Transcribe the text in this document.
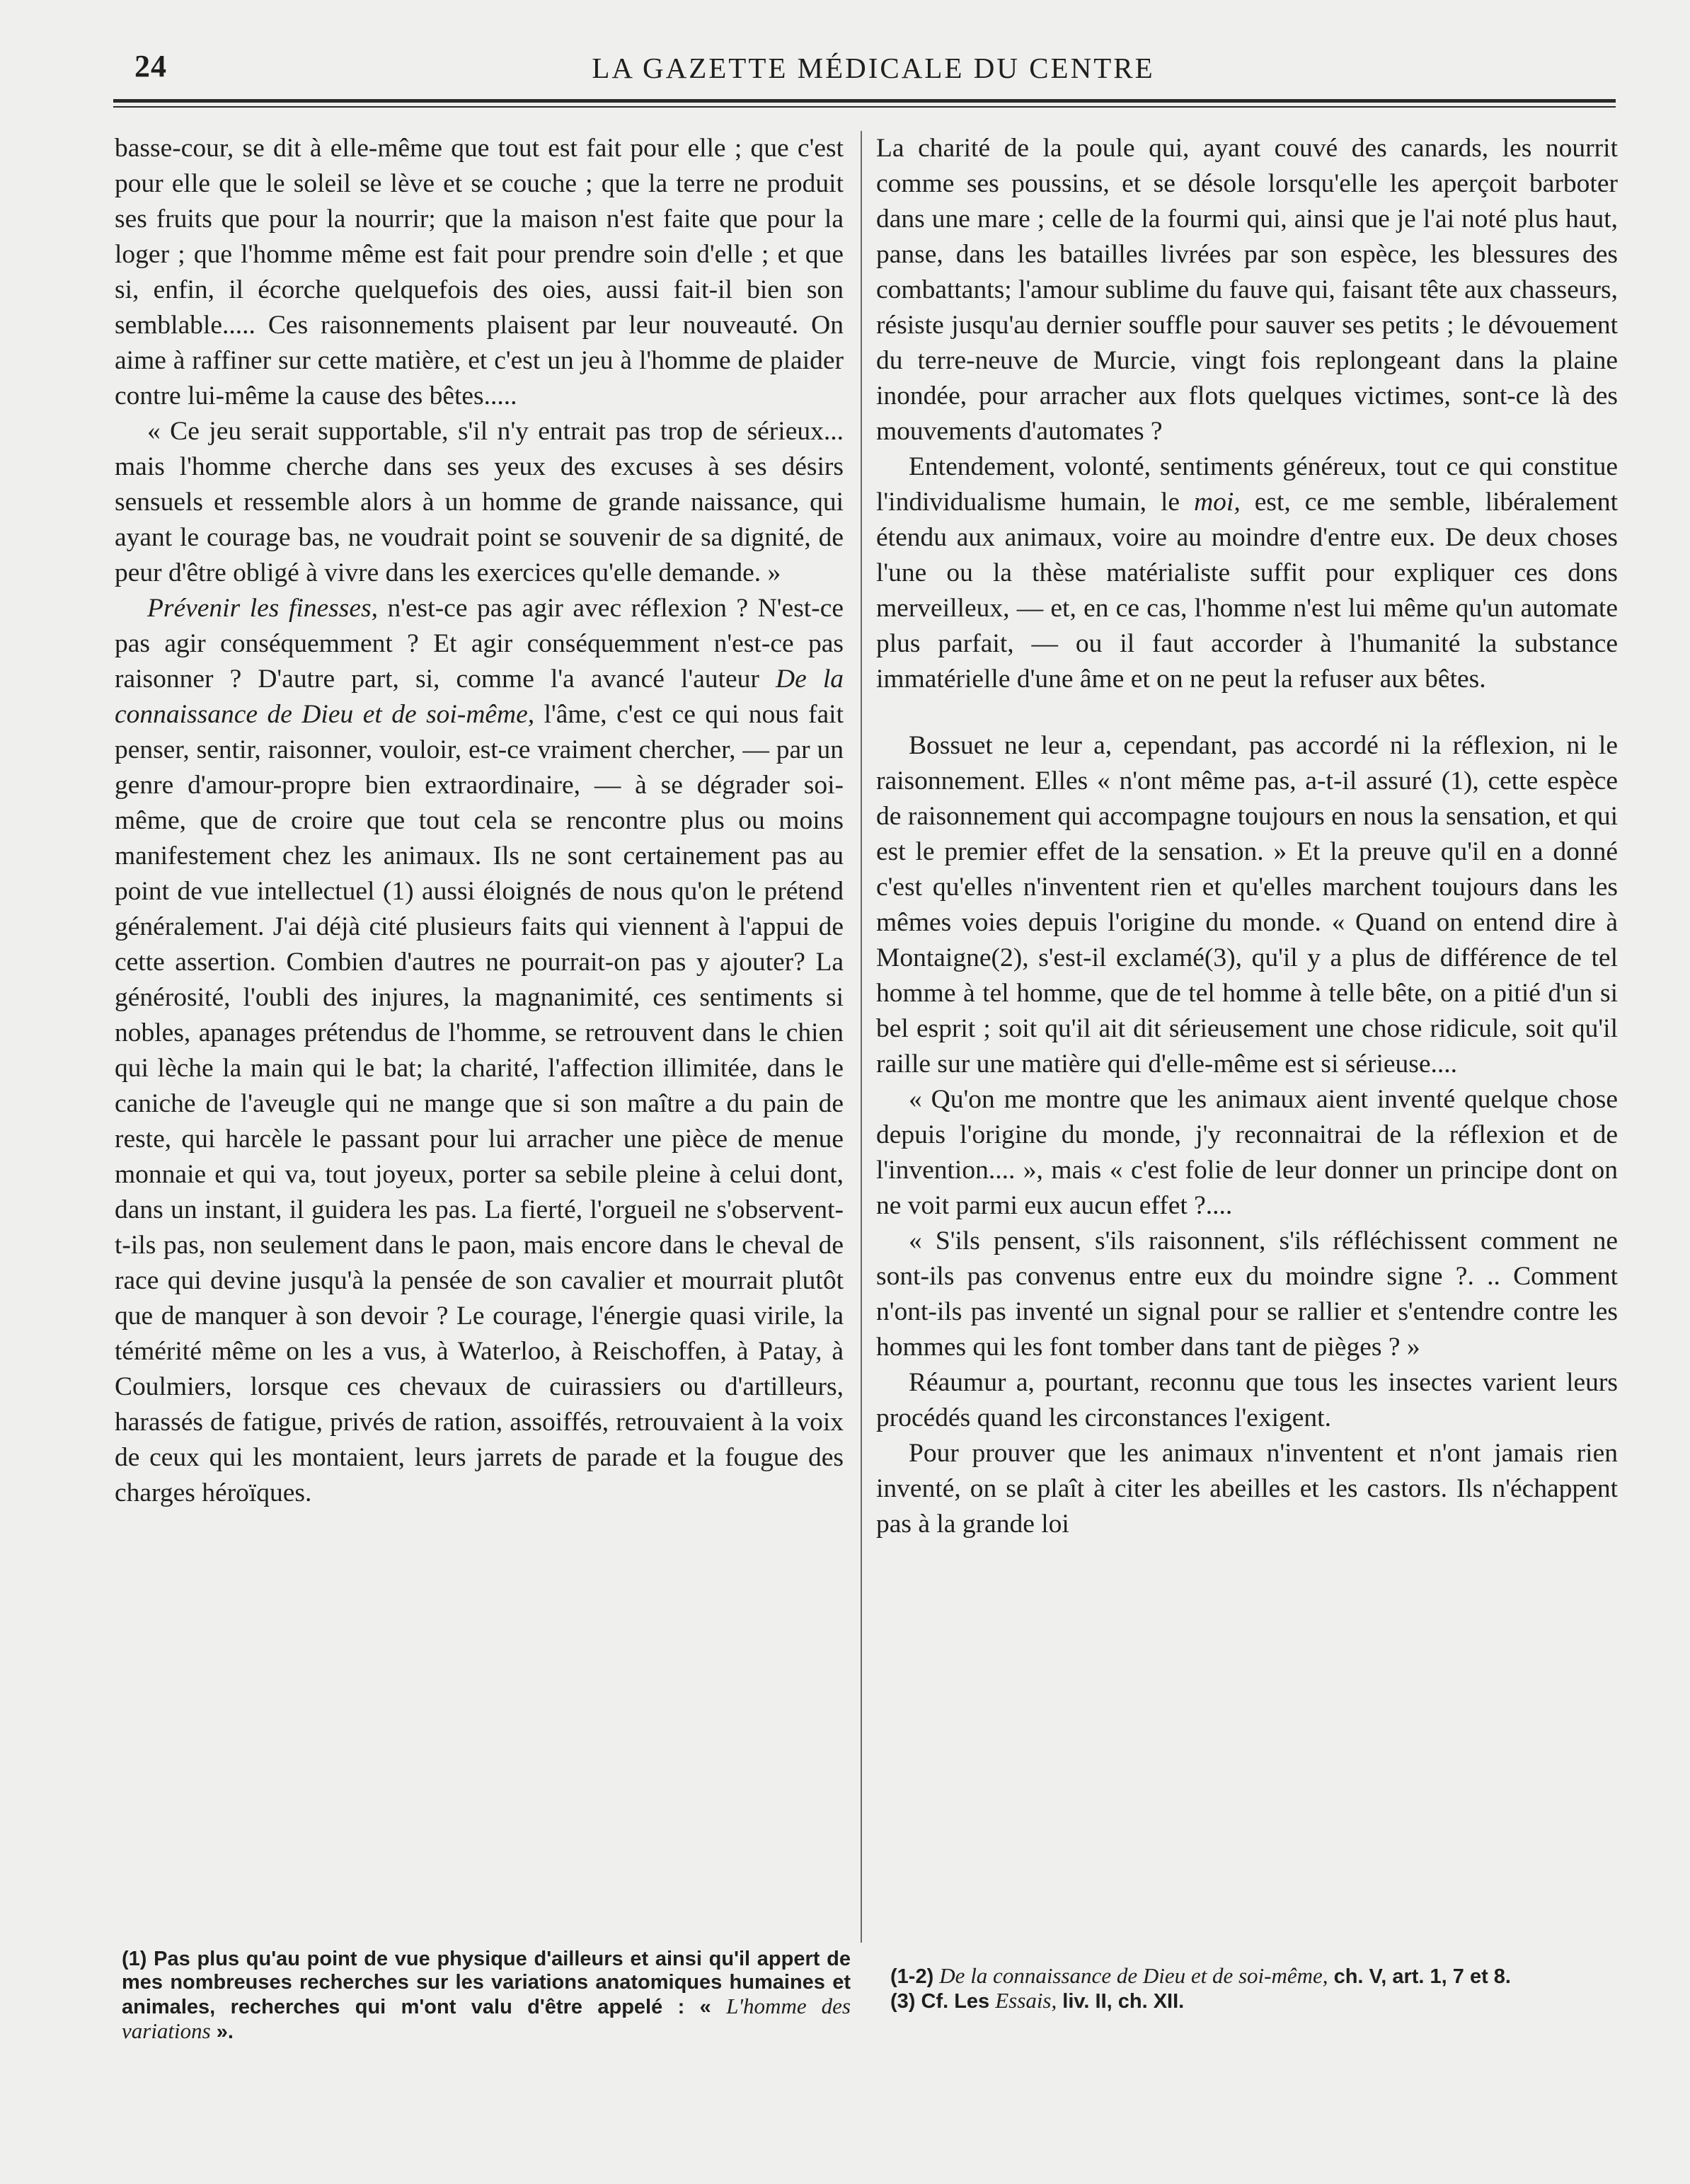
24	LA GAZETTE MÉDICALE DU CENTRE

basse-cour, se dit à elle-même que tout est fait pour elle ; que c'est pour elle que le soleil se lève et se couche ; que la terre ne produit ses fruits que pour la nourrir; que la maison n'est faite que pour la loger ; que l'homme même est fait pour prendre soin d'elle ; et que si, enfin, il écorche quelquefois des oies, aussi fait-il bien son semblable..... Ces raisonnements plaisent par leur nouveauté. On aime à raffiner sur cette matière, et c'est un jeu à l'homme de plaider contre lui-même la cause des bêtes.....

« Ce jeu serait supportable, s'il n'y entrait pas trop de sérieux... mais l'homme cherche dans ses yeux des excuses à ses désirs sensuels et ressemble alors à un homme de grande naissance, qui ayant le courage bas, ne voudrait point se souvenir de sa dignité, de peur d'être obligé à vivre dans les exercices qu'elle demande. »

Prévenir les finesses, n'est-ce pas agir avec réflexion ? N'est-ce pas agir conséquemment ? Et agir conséquemment n'est-ce pas raisonner ? D'autre part, si, comme l'a avancé l'auteur De la connaissance de Dieu et de soi-même, l'âme, c'est ce qui nous fait penser, sentir, raisonner, vouloir, est-ce vraiment chercher, — par un genre d'amour-propre bien extraordinaire, — à se dégrader soi-même, que de croire que tout cela se rencontre plus ou moins manifestement chez les animaux. Ils ne sont certainement pas au point de vue intellectuel (1) aussi éloignés de nous qu'on le prétend généralement. J'ai déjà cité plusieurs faits qui viennent à l'appui de cette assertion. Combien d'autres ne pourrait-on pas y ajouter? La générosité, l'oubli des injures, la magnanimité, ces sentiments si nobles, apanages prétendus de l'homme, se retrouvent dans le chien qui lèche la main qui le bat; la charité, l'affection illimitée, dans le caniche de l'aveugle qui ne mange que si son maître a du pain de reste, qui harcèle le passant pour lui arracher une pièce de menue monnaie et qui va, tout joyeux, porter sa sebile pleine à celui dont, dans un instant, il guidera les pas. La fierté, l'orgueil ne s'observent-t-ils pas, non seulement dans le paon, mais encore dans le cheval de race qui devine jusqu'à la pensée de son cavalier et mourrait plutôt que de manquer à son devoir ? Le courage, l'énergie quasi virile, la témérité même on les a vus, à Waterloo, à Reischoffen, à Patay, à Coulmiers, lorsque ces chevaux de cuirassiers ou d'artilleurs, harassés de fatigue, privés de ration, assoiffés, retrouvaient à la voix de ceux qui les montaient, leurs jarrets de parade et la fougue des charges héroïques.

La charité de la poule qui, ayant couvé des canards, les nourrit comme ses poussins, et se désole lorsqu'elle les aperçoit barboter dans une mare ; celle de la fourmi qui, ainsi que je l'ai noté plus haut, panse, dans les batailles livrées par son espèce, les blessures des combattants; l'amour sublime du fauve qui, faisant tête aux chasseurs, résiste jusqu'au dernier souffle pour sauver ses petits ; le dévouement du terre-neuve de Murcie, vingt fois replongeant dans la plaine inondée, pour arracher aux flots quelques victimes, sont-ce là des mouvements d'automates ?

Entendement, volonté, sentiments généreux, tout ce qui constitue l'individualisme humain, le moi, est, ce me semble, libéralement étendu aux animaux, voire au moindre d'entre eux. De deux choses l'une ou la thèse matérialiste suffit pour expliquer ces dons merveilleux, — et, en ce cas, l'homme n'est lui même qu'un automate plus parfait, — ou il faut accorder à l'humanité la substance immatérielle d'une âme et on ne peut la refuser aux bêtes.

Bossuet ne leur a, cependant, pas accordé ni la réflexion, ni le raisonnement. Elles « n'ont même pas, a-t-il assuré (1), cette espèce de raisonnement qui accompagne toujours en nous la sensation, et qui est le premier effet de la sensation. » Et la preuve qu'il en a donné c'est qu'elles n'inventent rien et qu'elles marchent toujours dans les mêmes voies depuis l'origine du monde. « Quand on entend dire à Montaigne(2), s'est-il exclamé(3), qu'il y a plus de différence de tel homme à tel homme, que de tel homme à telle bête, on a pitié d'un si bel esprit ; soit qu'il ait dit sérieusement une chose ridicule, soit qu'il raille sur une matière qui d'elle-même est si sérieuse....

« Qu'on me montre que les animaux aient inventé quelque chose depuis l'origine du monde, j'y reconnaitrai de la réflexion et de l'invention.... », mais « c'est folie de leur donner un principe dont on ne voit parmi eux aucun effet ?....

« S'ils pensent, s'ils raisonnent, s'ils réfléchissent comment ne sont-ils pas convenus entre eux du moindre signe ?. .. Comment n'ont-ils pas inventé un signal pour se rallier et s'entendre contre les hommes qui les font tomber dans tant de pièges ? »

Réaumur a, pourtant, reconnu que tous les insectes varient leurs procédés quand les circonstances l'exigent.

Pour prouver que les animaux n'inventent et n'ont jamais rien inventé, on se plaît à citer les abeilles et les castors. Ils n'échappent pas à la grande loi

(1) Pas plus qu'au point de vue physique d'ailleurs et ainsi qu'il appert de mes nombreuses recherches sur les variations anatomiques humaines et animales, recherches qui m'ont valu d'être appelé : « L'homme des variations ».

(1-2) De la connaissance de Dieu et de soi-même, ch. V, art. 1, 7 et 8.

(3) Cf. Les Essais, liv. II, ch. XII.
